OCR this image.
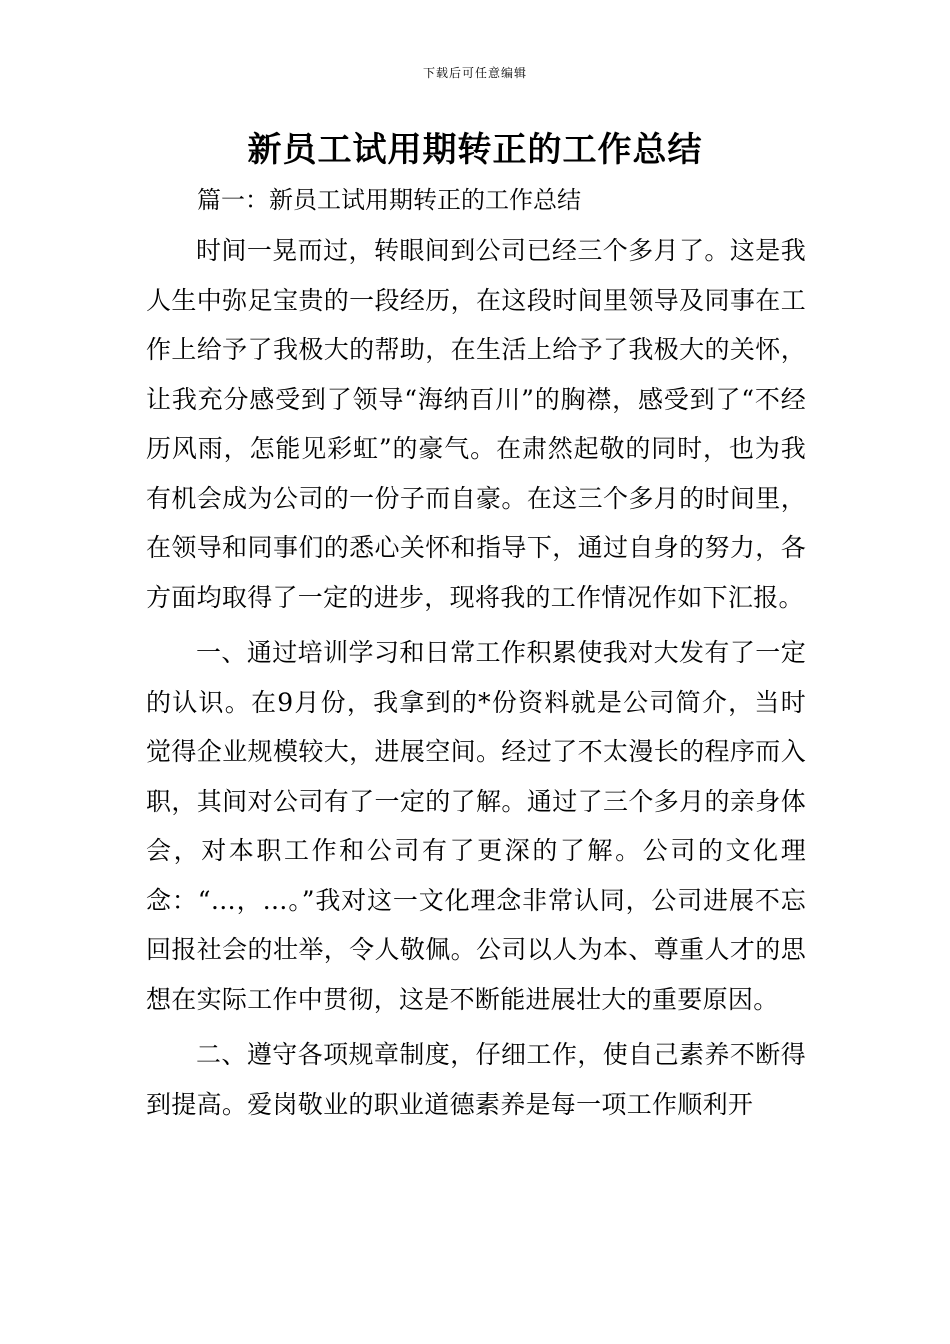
下载后可任意编辑
新员工试用期转正的工作总结
篇一：新员工试用期转正的工作总结

时间一晃而过，转眼间到公司已经三个多月了。这是我人生中弥足宝贵的一段经历，在这段时间里领导及同事在工作上给予了我极大的帮助，在生活上给予了我极大的关怀，让我充分感受到了领导“海纳百川”的胸襟，感受到了“不经历风雨，怎能见彩虹”的豪气。在肃然起敬的同时，也为我有机会成为公司的一份子而自豪。在这三个多月的时间里，在领导和同事们的悉心关怀和指导下，通过自身的努力，各方面均取得了一定的进步，现将我的工作情况作如下汇报。

一、通过培训学习和日常工作积累使我对大发有了一定的认识。在9月份，我拿到的*份资料就是公司简介，当时觉得企业规模较大，进展空间。经过了不太漫长的程序而入职，其间对公司有了一定的了解。通过了三个多月的亲身体会，对本职工作和公司有了更深的了解。公司的文化理念：“…，…。”我对这一文化理念非常认同，公司进展不忘回报社会的壮举，令人敬佩。公司以人为本、尊重人才的思想在实际工作中贯彻，这是不断能进展壮大的重要原因。

二、遵守各项规章制度，仔细工作，使自己素养不断得到提高。爱岗敬业的职业道德素养是每一项工作顺利开
